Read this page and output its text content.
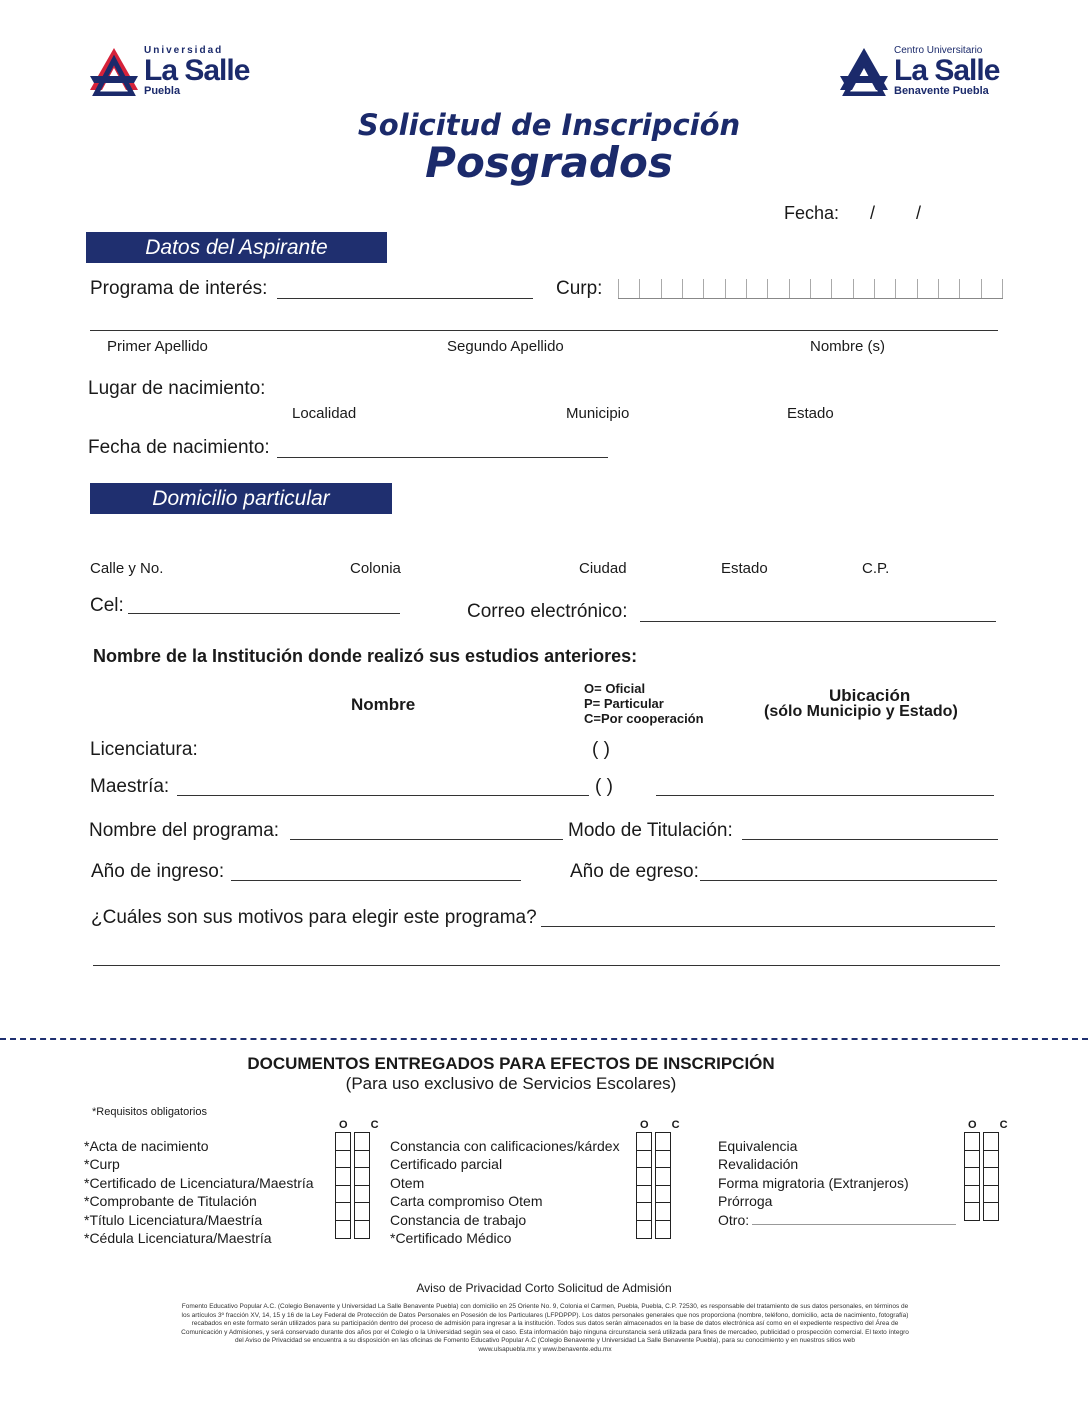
Universidad
La Salle
Puebla
Centro Universitario
La Salle
Benavente Puebla
Solicitud de Inscripción
Posgrados
Fecha: / /
Datos del Aspirante
Programa de interés:	Curp:
Primer Apellido	Segundo Apellido	Nombre (s)
Lugar de nacimiento:
Localidad	Municipio	Estado
Fecha de nacimiento:
Domicilio particular
Calle y No.	Colonia	Ciudad	Estado	C.P.
Cel:	Correo electrónico:
Nombre de la Institución donde realizó sus estudios anteriores:
Nombre
O= Oficial
P= Particular
C=Por cooperación
Ubicación
(sólo Municipio y Estado)
Licenciatura:	( )
Maestría:	( )
Nombre del programa:	Modo de Titulación:
Año de ingreso:	Año de egreso:
¿Cuáles son sus motivos para elegir este programa?
DOCUMENTOS ENTREGADOS PARA EFECTOS DE INSCRIPCIÓN
(Para uso exclusivo de Servicios Escolares)
*Requisitos obligatorios
O C	O C	O C
*Acta de nacimiento
*Curp
*Certificado de Licenciatura/Maestría
*Comprobante de Titulación
*Título Licenciatura/Maestría
*Cédula Licenciatura/Maestría
Constancia con calificaciones/kárdex
Certificado parcial
Otem
Carta compromiso Otem
Constancia de trabajo
*Certificado Médico
Equivalencia
Revalidación
Forma migratoria (Extranjeros)
Prórroga
Otro:
Aviso de Privacidad Corto Solicitud de Admisión
Fomento Educativo Popular A.C. (Colegio Benavente y Universidad La Salle Benavente Puebla) con domicilio en 25 Oriente No. 9, Colonia el Carmen, Puebla, Puebla, C.P. 72530, es responsable del tratamiento de sus datos personales, en términos de los artículos 3º fracción XV, 14, 15 y 16 de la Ley Federal de Protección de Datos Personales en Posesión de los Particulares (LFPDPPP). Los datos personales generales que nos proporciona (nombre, teléfono, domicilio, acta de nacimiento, fotografía) recabados en este formato serán utilizados para su participación dentro del proceso de admisión para ingresar a la institución. Todos sus datos serán almacenados en la base de datos electrónica así como en el expediente respectivo del Área de Comunicación y Admisiones, y será conservado durante dos años por el Colegio o la Universidad según sea el caso. Esta información bajo ninguna circunstancia será utilizada para fines de mercadeo, publicidad o prospección comercial. El texto íntegro del Aviso de Privacidad se encuentra a su disposición en las oficinas de Fomento Educativo Popular A.C (Colegio Benavente y Universidad La Salle Benavente Puebla), para su conocimiento y en nuestros sitios web
www.ulsapuebla.mx y www.benavente.edu.mx
